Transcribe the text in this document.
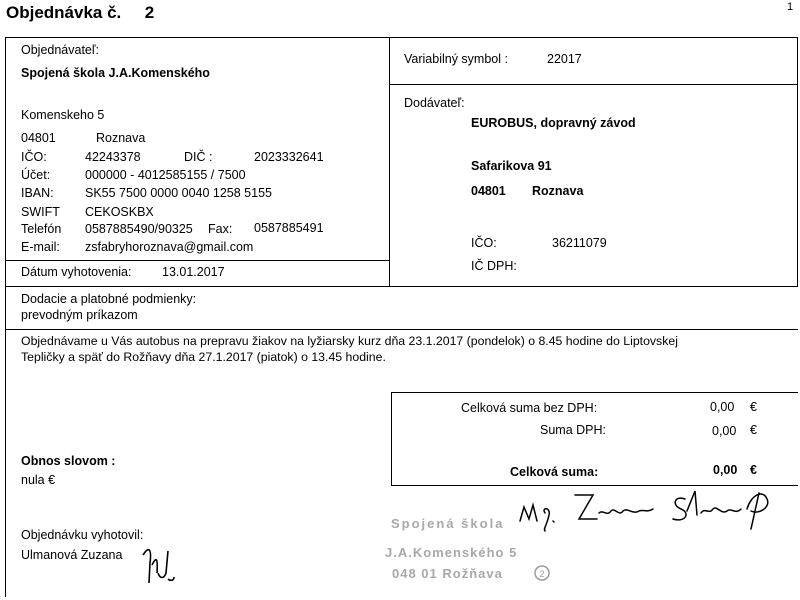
Objednávka č. 2	1
Objednávateľ:
Spojená škola J.A.Komenského
Komenskeho 5
04801	Roznava
IČO:	42243378	DIČ :	2023332641
Účet:	000000 - 4012585155 / 7500
IBAN:	SK55 7500 0000 0040 1258 5155
SWIFT CEKOSKBX
Telefón 0587885490/90325 Fax: 0587885491
E-mail: zsfabryhoroznava@gmail.com
Dátum vyhotovenia: 13.01.2017
Variabilný symbol :	22017
Dodávateľ:
EUROBUS, dopravný závod
Safarikova 91
04801 Roznava
IČO:	36211079
IČ DPH:
Dodacie a platobné podmienky:
prevodným príkazom
Objednávame u Vás autobus na prepravu žiakov na lyžiarsky kurz dňa 23.1.2017 (pondelok) o 8.45 hodine do Liptovskej
Tepličky a späť do Rožňavy dňa 27.1.2017 (piatok) o 13.45 hodine.
Celková suma bez DPH:	0,00 €
Suma DPH:	0,00 €
Celková suma:	0,00 €
Obnos slovom :
nula €
Objednávku vyhotovil:
Ulmanová Zuzana
Spojená škola
J.A.Komenského 5
048 01 Rožňava	2
